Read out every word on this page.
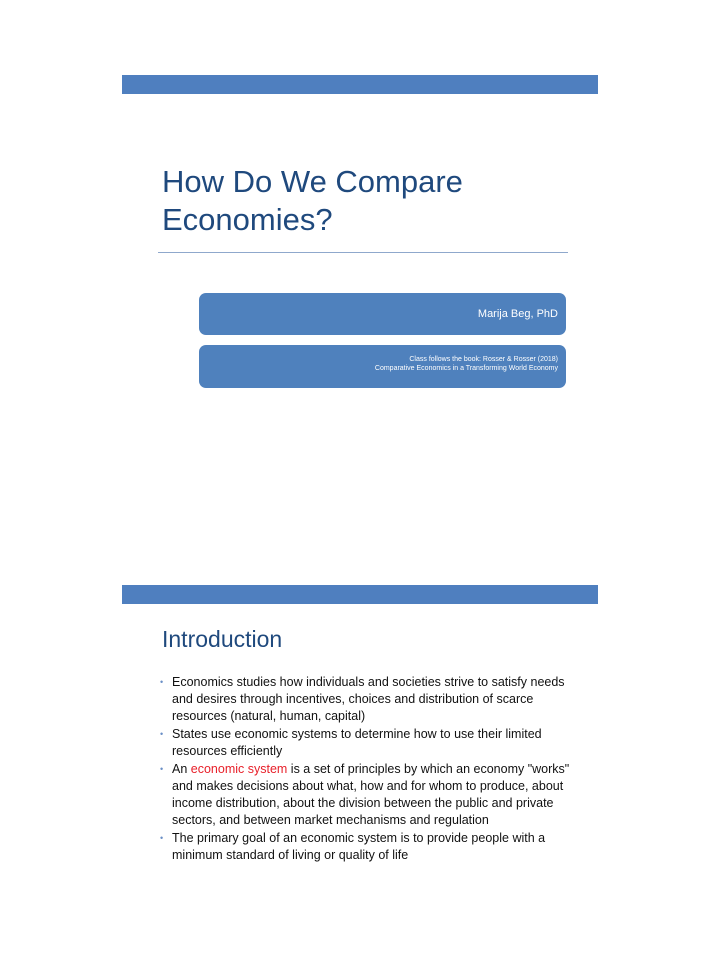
How Do We Compare
Economies?
Marija Beg, PhD
Class follows the book: Rosser & Rosser (2018)
Comparative Economics in a Transforming World Economy
Introduction
• Economics studies how individuals and societies strive to satisfy needs and desires through incentives, choices and distribution of scarce resources (natural, human, capital)
• States use economic systems to determine how to use their limited resources efficiently
• An economic system is a set of principles by which an economy "works" and makes decisions about what, how and for whom to produce, about income distribution, about the division between the public and private sectors, and between market mechanisms and regulation
• The primary goal of an economic system is to provide people with a minimum standard of living or quality of life
